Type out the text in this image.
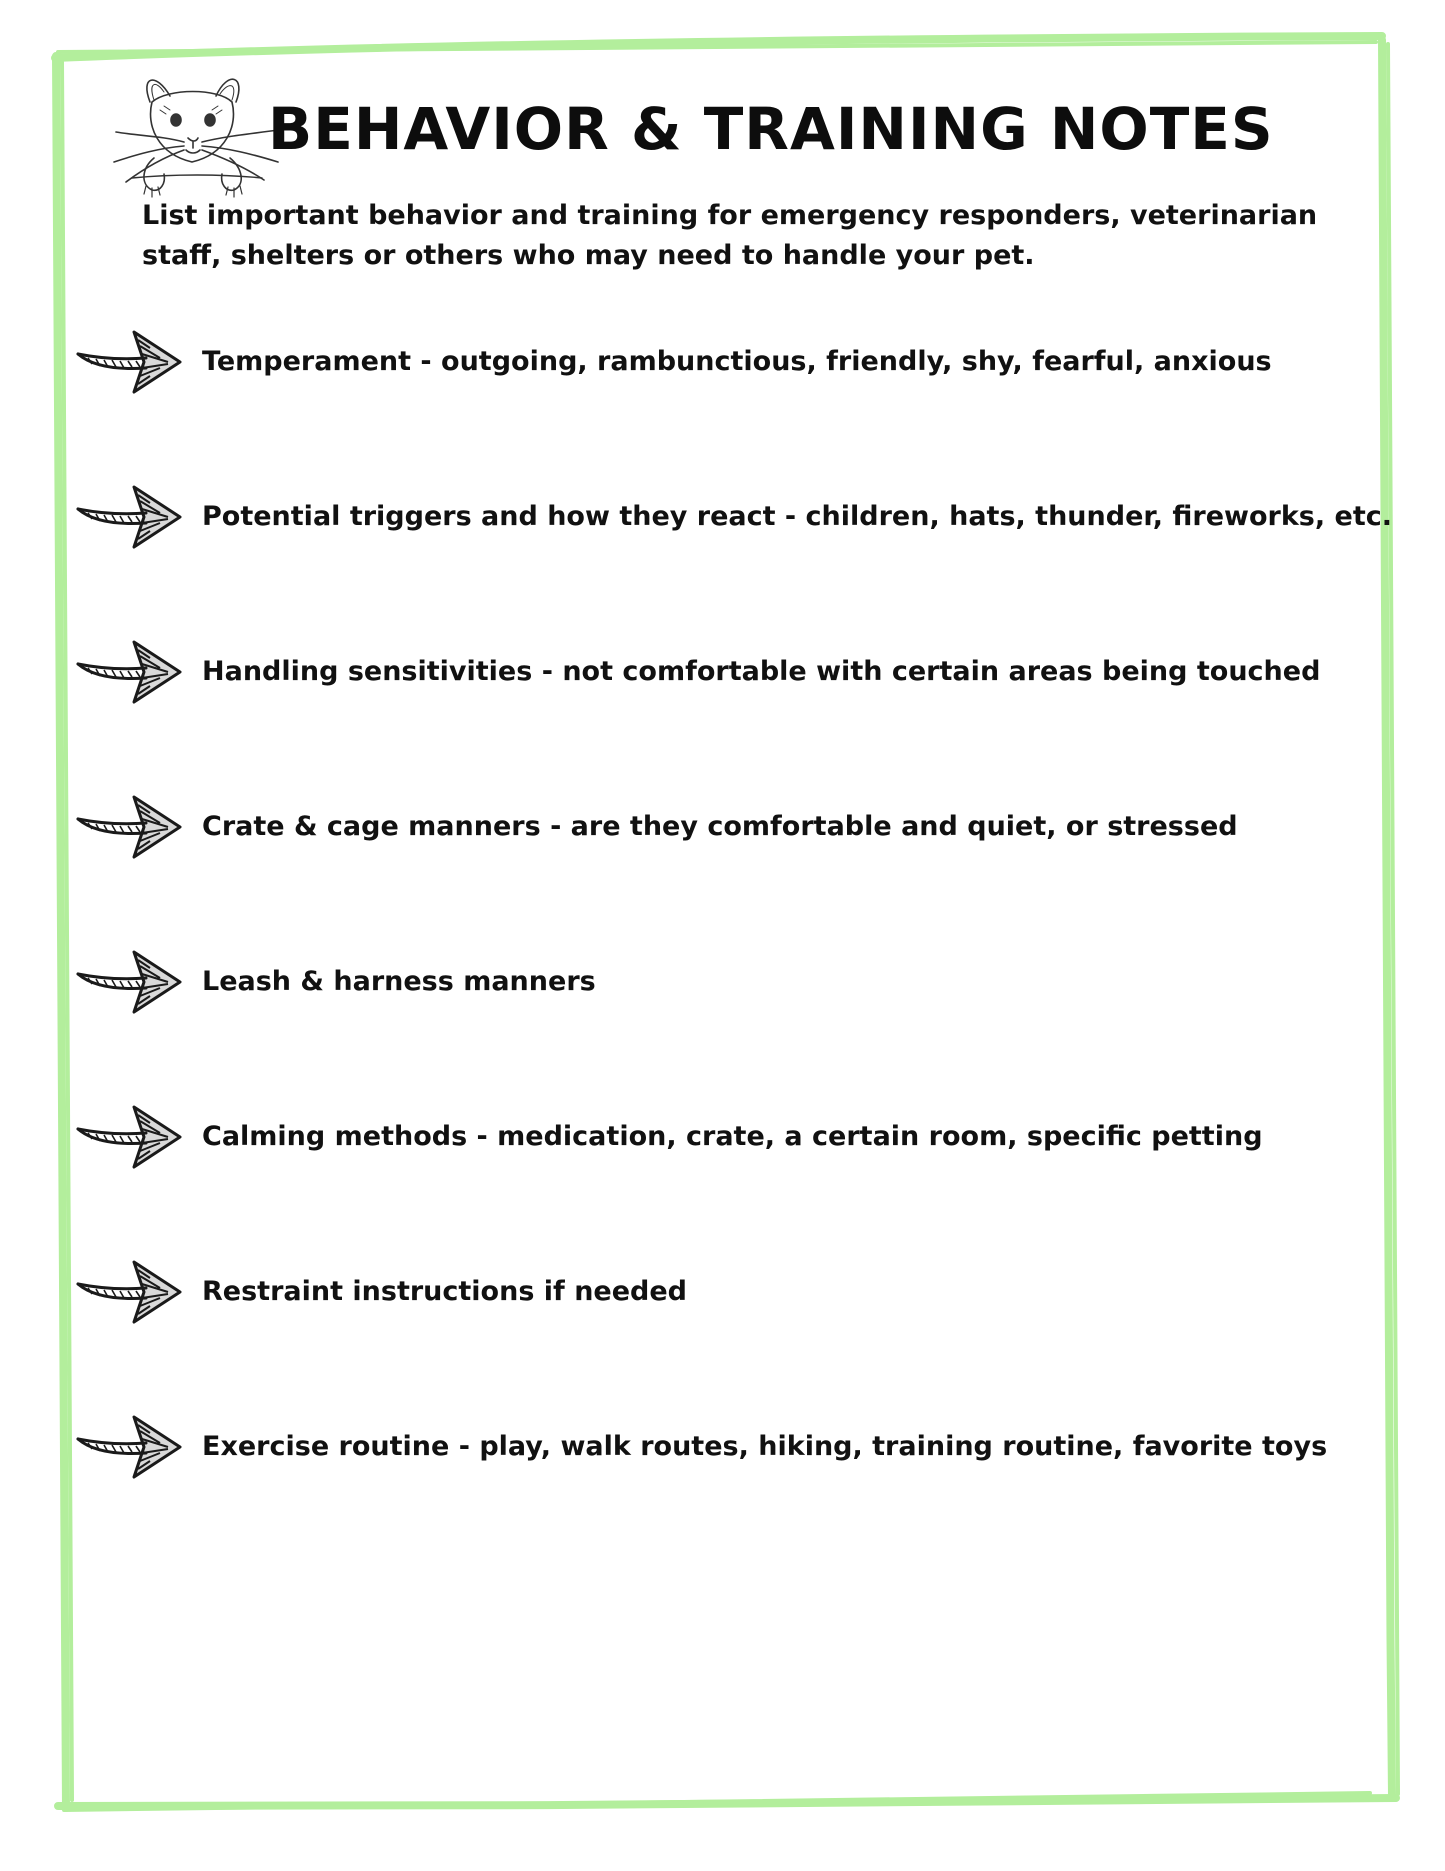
BEHAVIOR & TRAINING NOTES

List important behavior and training for emergency responders, veterinarian staff, shelters or others who may need to handle your pet.

Temperament - outgoing, rambunctious, friendly, shy, fearful, anxious
Potential triggers and how they react - children, hats, thunder, fireworks, etc.
Handling sensitivities - not comfortable with certain areas being touched
Crate & cage manners - are they comfortable and quiet, or stressed
Leash & harness manners
Calming methods - medication, crate, a certain room, specific petting
Restraint instructions if needed
Exercise routine - play, walk routes, hiking, training routine, favorite toys
